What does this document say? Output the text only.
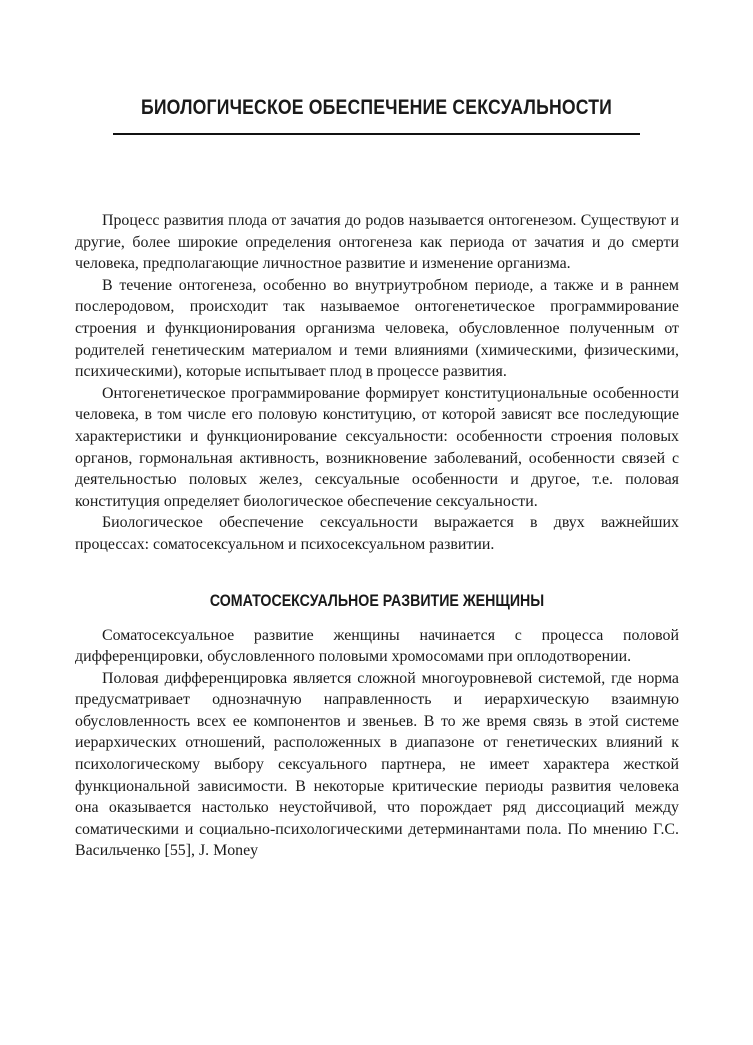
БИОЛОГИЧЕСКОЕ ОБЕСПЕЧЕНИЕ СЕКСУАЛЬНОСТИ

Процесс развития плода от зачатия до родов называется онтогенезом. Существуют и другие, более широкие определения онтогенеза как периода от зачатия и до смерти человека, предполагающие личностное развитие и изменение организма.

В течение онтогенеза, особенно во внутриутробном периоде, а также и в раннем послеродовом, происходит так называемое онтогенетическое программирование строения и функционирования организма человека, обусловленное полученным от родителей генетическим материалом и теми влияниями (химическими, физическими, психическими), которые испытывает плод в процессе развития.

Онтогенетическое программирование формирует конституциональные особенности человека, в том числе его половую конституцию, от которой зависят все последующие характеристики и функционирование сексуальности: особенности строения половых органов, гормональная активность, возникновение заболеваний, особенности связей с деятельностью половых желез, сексуальные особенности и другое, т.е. половая конституция определяет биологическое обеспечение сексуальности.

Биологическое обеспечение сексуальности выражается в двух важнейших процессах: соматосексуальном и психосексуальном развитии.

СОМАТОСЕКСУАЛЬНОЕ РАЗВИТИЕ ЖЕНЩИНЫ

Соматосексуальное развитие женщины начинается с процесса половой дифференцировки, обусловленного половыми хромосомами при оплодотворении.

Половая дифференцировка является сложной многоуровневой системой, где норма предусматривает однозначную направленность и иерархическую взаимную обусловленность всех ее компонентов и звеньев. В то же время связь в этой системе иерархических отношений, расположенных в диапазоне от генетических влияний к психологическому выбору сексуального партнера, не имеет характера жесткой функциональной зависимости. В некоторые критические периоды развития человека она оказывается настолько неустойчивой, что порождает ряд диссоциаций между соматическими и социально-психологическими детерминантами пола. По мнению Г.С. Васильченко [55], J. Money
